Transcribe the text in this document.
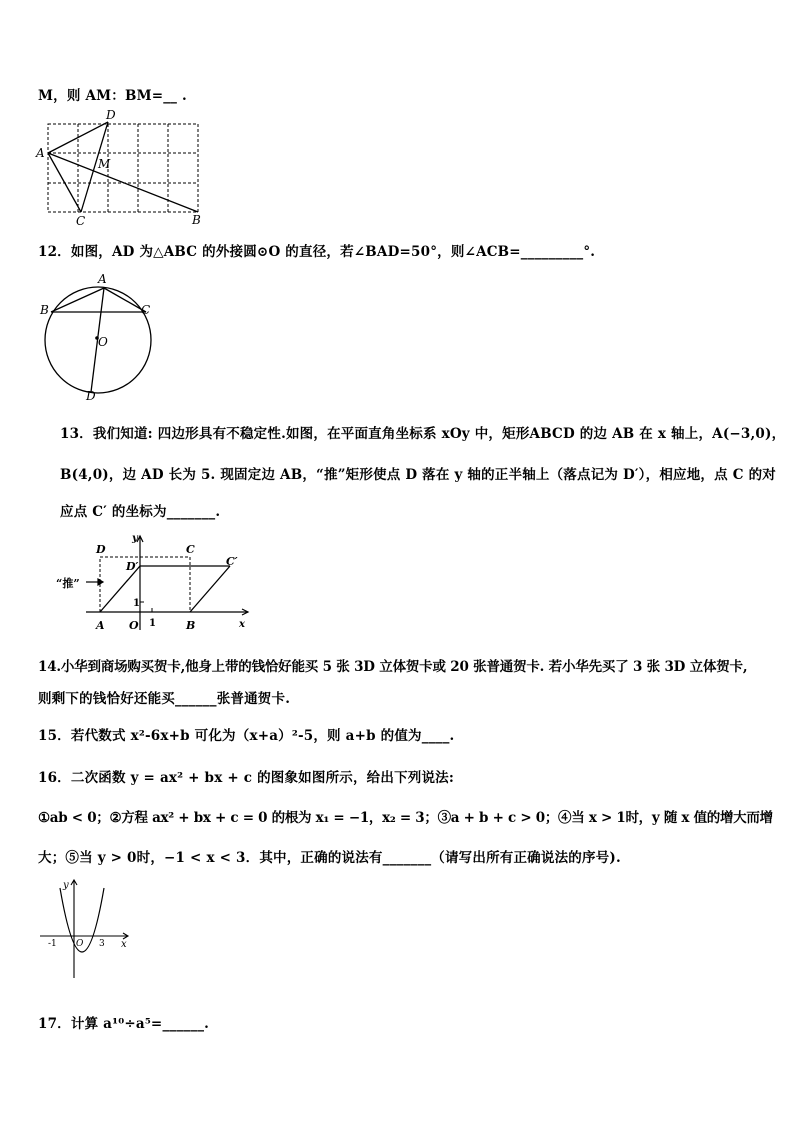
M，则 AM：BM=__ .
D
A
M
C	B
12．如图，AD 为△ABC 的外接圆⊙O 的直径，若∠BAD=50°，则∠ACB=_________°.
A
B	C
O
D
13．我们知道: 四边形具有不稳定性.如图，在平面直角坐标系 xOy 中，矩形ABCD 的边 AB 在 x 轴上，A(−3,0)，
B(4,0)，边 AD 长为 5. 现固定边 AB，“推”矩形使点 D 落在 y 轴的正半轴上（落点记为 D′），相应地，点 C 的对
应点 C′ 的坐标为_______.
y
D	C
D′	C′
“推”
1
A O 1	B	x
14.小华到商场购买贺卡,他身上带的钱恰好能买 5 张 3D 立体贺卡或 20 张普通贺卡. 若小华先买了 3 张 3D 立体贺卡,
则剩下的钱恰好还能买______张普通贺卡.
15．若代数式 x²-6x+b 可化为（x+a）²-5，则 a+b 的值为____.
16．二次函数 y = ax² + bx + c 的图象如图所示，给出下列说法:
①ab < 0；②方程 ax² + bx + c = 0 的根为 x₁ = −1，x₂ = 3；③a + b + c > 0；④当 x > 1时，y 随 x 值的增大而增
大；⑤当 y > 0时，−1 < x < 3．其中，正确的说法有_______（请写出所有正确说法的序号).
y
-1 O 3 x
17．计算 a¹⁰÷a⁵=______.
